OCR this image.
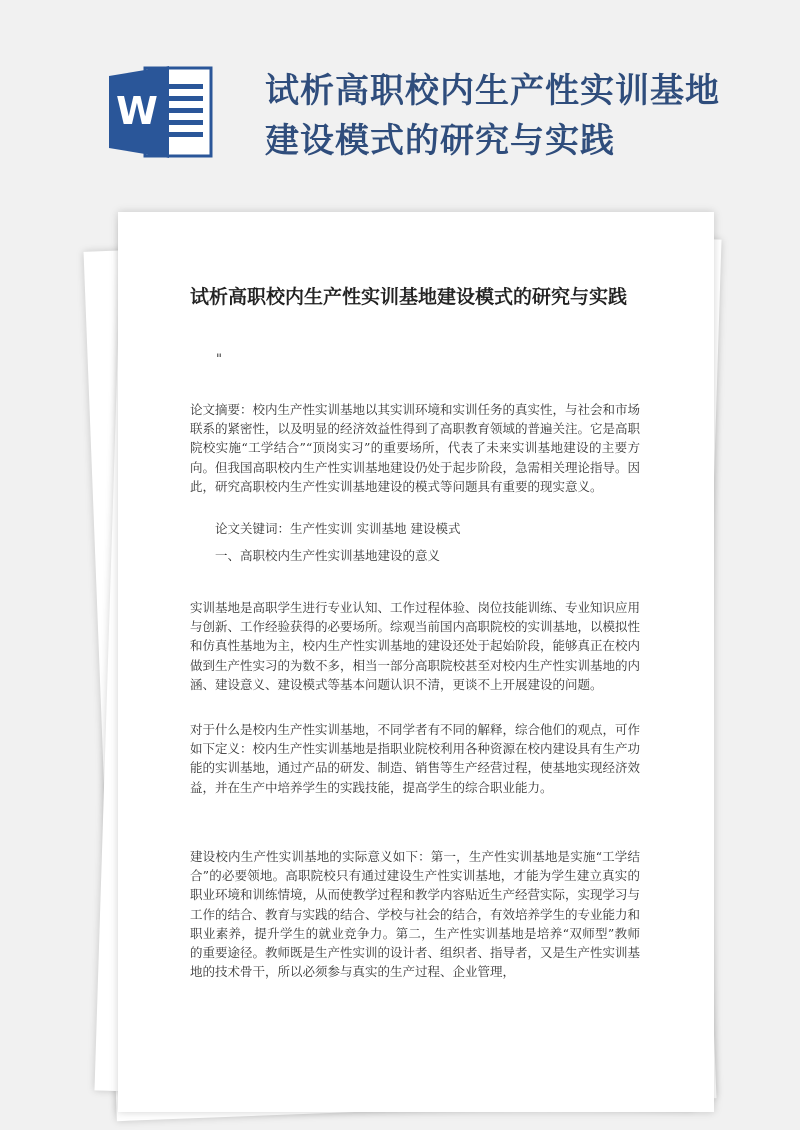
W	试析高职校内生产性实训基地建设模式的研究与实践
试析高职校内生产性实训基地建设模式的研究与实践
"
论文摘要：校内生产性实训基地以其实训环境和实训任务的真实性，与社会和市场联系的紧密性，以及明显的经济效益性得到了高职教育领域的普遍关注。它是高职院校实施“工学结合”“顶岗实习”的重要场所，代表了未来实训基地建设的主要方向。但我国高职校内生产性实训基地建设仍处于起步阶段，急需相关理论指导。因此，研究高职校内生产性实训基地建设的模式等问题具有重要的现实意义。
论文关键词：生产性实训 实训基地 建设模式
一、高职校内生产性实训基地建设的意义
实训基地是高职学生进行专业认知、工作过程体验、岗位技能训练、专业知识应用与创新、工作经验获得的必要场所。综观当前国内高职院校的实训基地，以模拟性和仿真性基地为主，校内生产性实训基地的建设还处于起始阶段，能够真正在校内做到生产性实习的为数不多，相当一部分高职院校甚至对校内生产性实训基地的内涵、建设意义、建设模式等基本问题认识不清，更谈不上开展建设的问题。
对于什么是校内生产性实训基地，不同学者有不同的解释，综合他们的观点，可作如下定义：校内生产性实训基地是指职业院校利用各种资源在校内建设具有生产功能的实训基地，通过产品的研发、制造、销售等生产经营过程，使基地实现经济效益，并在生产中培养学生的实践技能，提高学生的综合职业能力。
建设校内生产性实训基地的实际意义如下：第一，生产性实训基地是实施“工学结合”的必要领地。高职院校只有通过建设生产性实训基地，才能为学生建立真实的职业环境和训练情境，从而使教学过程和教学内容贴近生产经营实际，实现学习与工作的结合、教育与实践的结合、学校与社会的结合，有效培养学生的专业能力和职业素养，提升学生的就业竞争力。第二，生产性实训基地是培养“双师型”教师的重要途径。教师既是生产性实训的设计者、组织者、指导者，又是生产性实训基地的技术骨干，所以必须参与真实的生产过程、企业管理，
